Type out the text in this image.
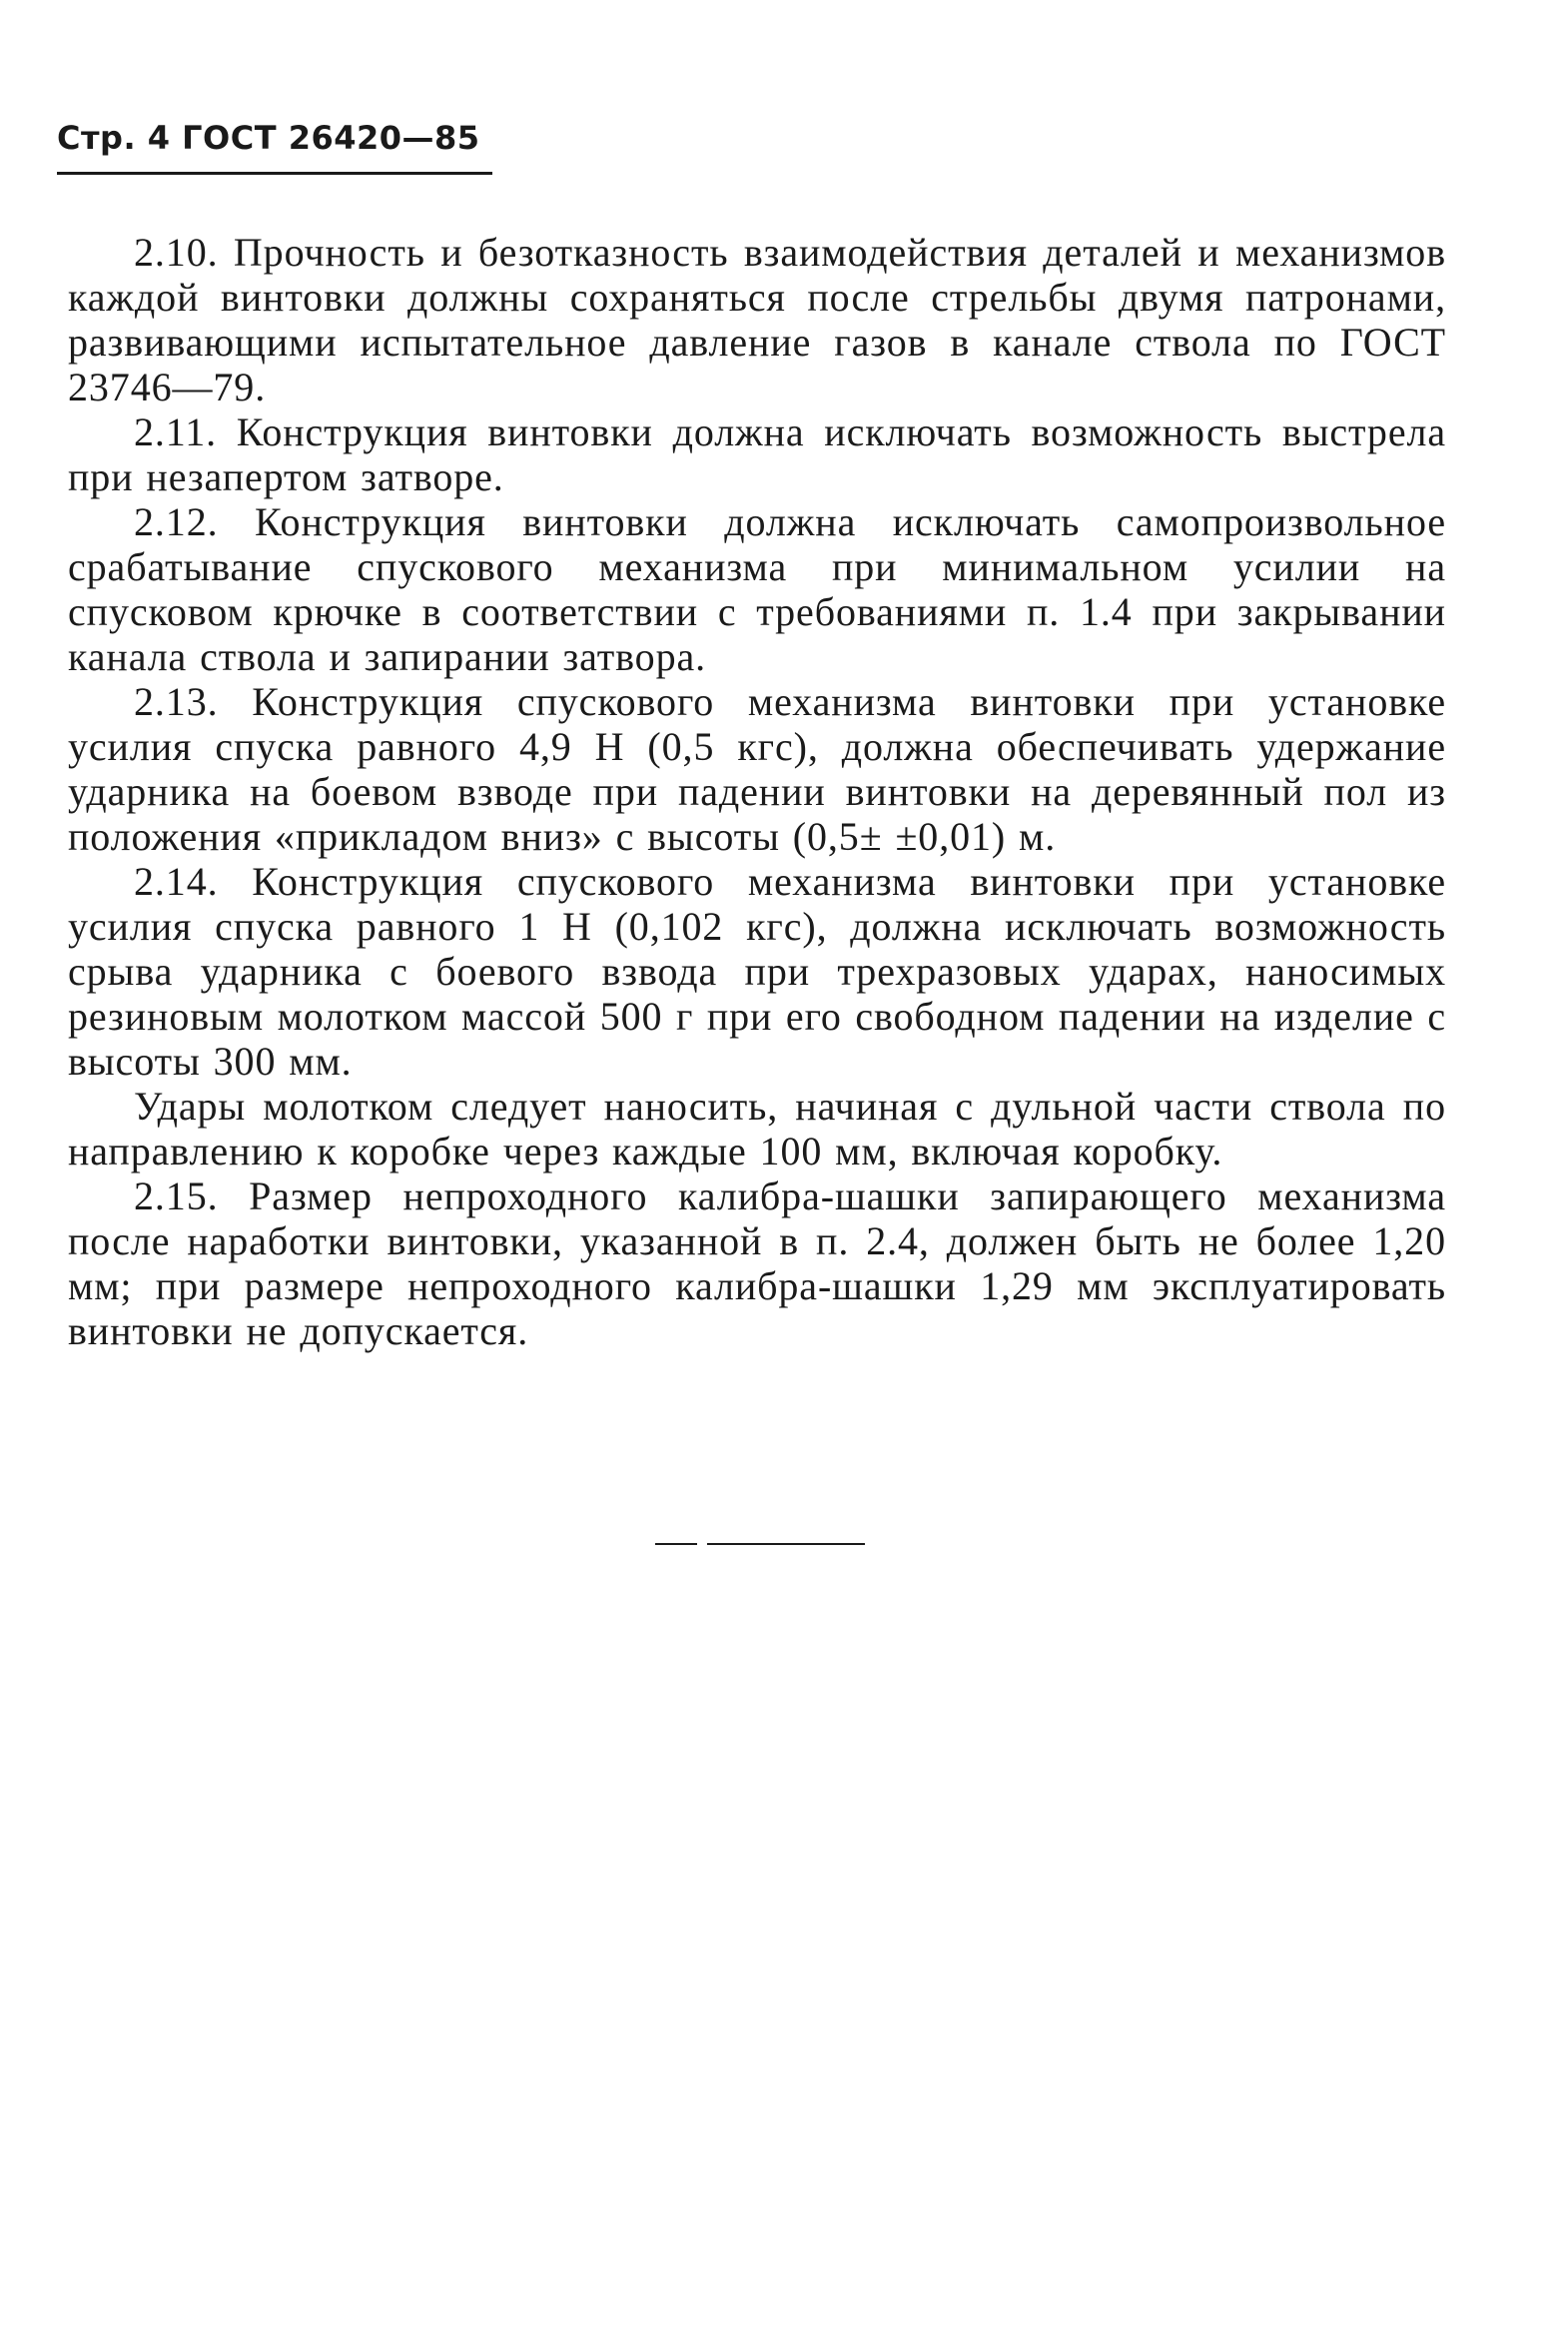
Стр. 4 ГОСТ 26420—85

2.10. Прочность и безотказность взаимодействия деталей и механизмов каждой винтовки должны сохраняться после стрельбы двумя патронами, развивающими испытательное давление газов в канале ствола по ГОСТ 23746—79.

2.11. Конструкция винтовки должна исключать возможность выстрела при незапертом затворе.

2.12. Конструкция винтовки должна исключать самопроизвольное срабатывание спускового механизма при минимальном усилии на спусковом крючке в соответствии с требованиями п. 1.4 при закрывании канала ствола и запирании затвора.

2.13. Конструкция спускового механизма винтовки при установке усилия спуска равного 4,9 Н (0,5 кгс), должна обеспечивать удержание ударника на боевом взводе при падении винтовки на деревянный пол из положения «прикладом вниз» с высоты (0,5± ±0,01) м.

2.14. Конструкция спускового механизма винтовки при установке усилия спуска равного 1 Н (0,102 кгс), должна исключать возможность срыва ударника с боевого взвода при трехразовых ударах, наносимых резиновым молотком массой 500 г при его свободном падении на изделие с высоты 300 мм.

Удары молотком следует наносить, начиная с дульной части ствола по направлению к коробке через каждые 100 мм, включая коробку.

2.15. Размер непроходного калибра-шашки запирающего механизма после наработки винтовки, указанной в п. 2.4, должен быть не более 1,20 мм; при размере непроходного калибра-шашки 1,29 мм эксплуатировать винтовки не допускается.
